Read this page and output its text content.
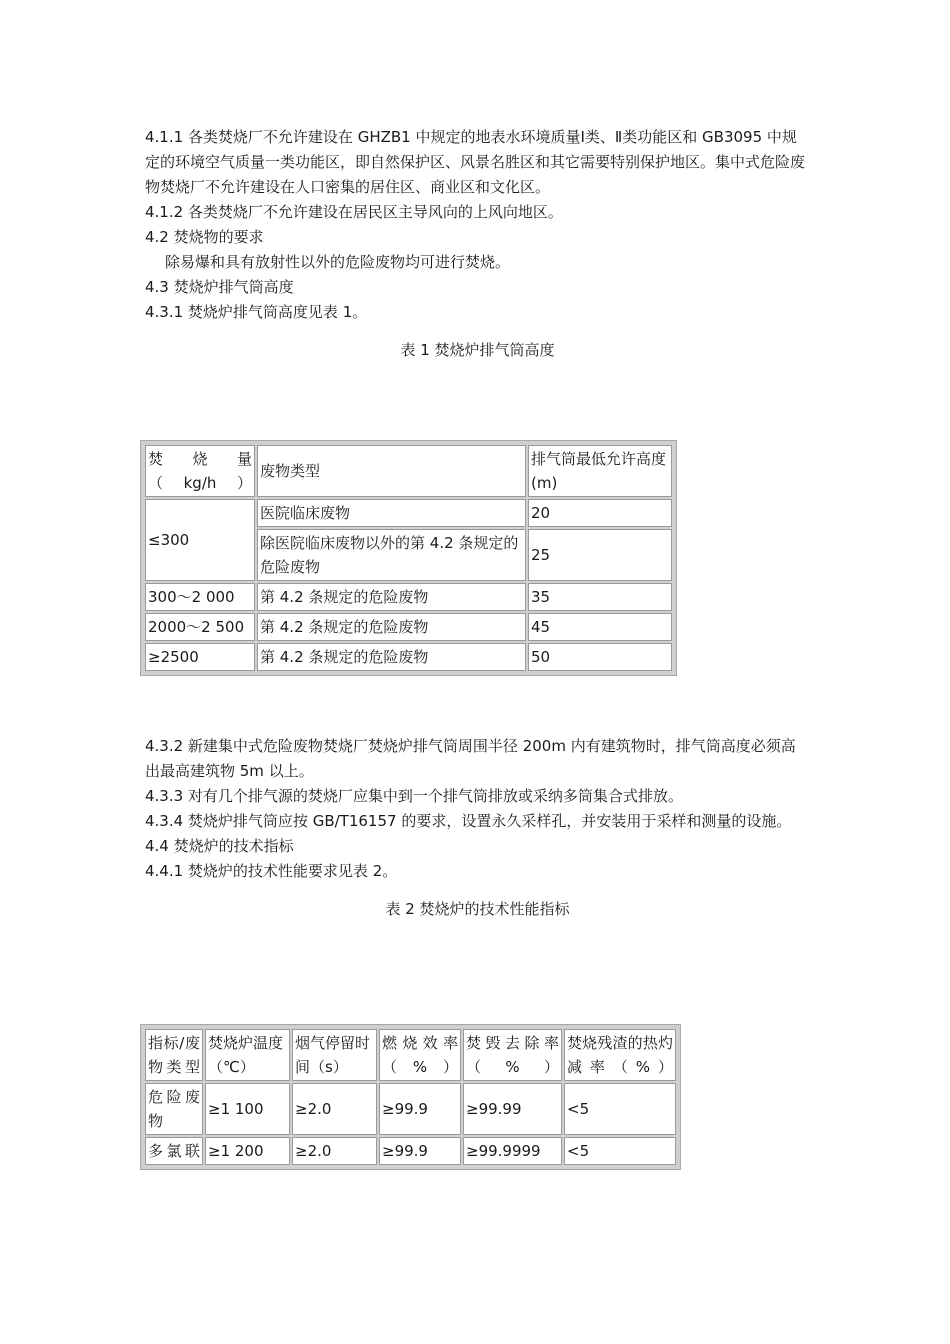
4.1.1 各类焚烧厂不允许建设在 GHZB1 中规定的地表水环境质量Ⅰ类、Ⅱ类功能区和 GB3095 中规定的环境空气质量一类功能区，即自然保护区、风景名胜区和其它需要特别保护地区。集中式危险废物焚烧厂不允许建设在人口密集的居住区、商业区和文化区。

4.1.2 各类焚烧厂不允许建设在居民区主导风向的上风向地区。

4.2 焚烧物的要求

除易爆和具有放射性以外的危险废物均可进行焚烧。

4.3 焚烧炉排气筒高度

4.3.1 焚烧炉排气筒高度见表 1。

表 1 焚烧炉排气筒高度

焚　烧　量（kg/h）	废物类型	排气筒最低允许高度(m)
≤300	医院临床废物	20
	除医院临床废物以外的第 4.2 条规定的危险废物	25
300～2 000	第 4.2 条规定的危险废物	35
2000～2 500	第 4.2 条规定的危险废物	45
≥2500	第 4.2 条规定的危险废物	50

4.3.2 新建集中式危险废物焚烧厂焚烧炉排气筒周围半径 200m 内有建筑物时，排气筒高度必须高出最高建筑物 5m 以上。

4.3.3 对有几个排气源的焚烧厂应集中到一个排气筒排放或采纳多筒集合式排放。

4.3.4 焚烧炉排气筒应按 GB/T16157 的要求，设置永久采样孔，并安装用于采样和测量的设施。

4.4 焚烧炉的技术指标

4.4.1 焚烧炉的技术性能要求见表 2。

表 2 焚烧炉的技术性能指标

指标/废物类型	焚烧炉温度（℃）	烟气停留时间（s）	燃烧效率（%）	焚毁去除率（%）	焚烧残渣的热灼减率（%）
危险废物	≥1 100	≥2.0	≥99.9	≥99.99	<5
多氯联	≥1 200	≥2.0	≥99.9	≥99.9999	<5
